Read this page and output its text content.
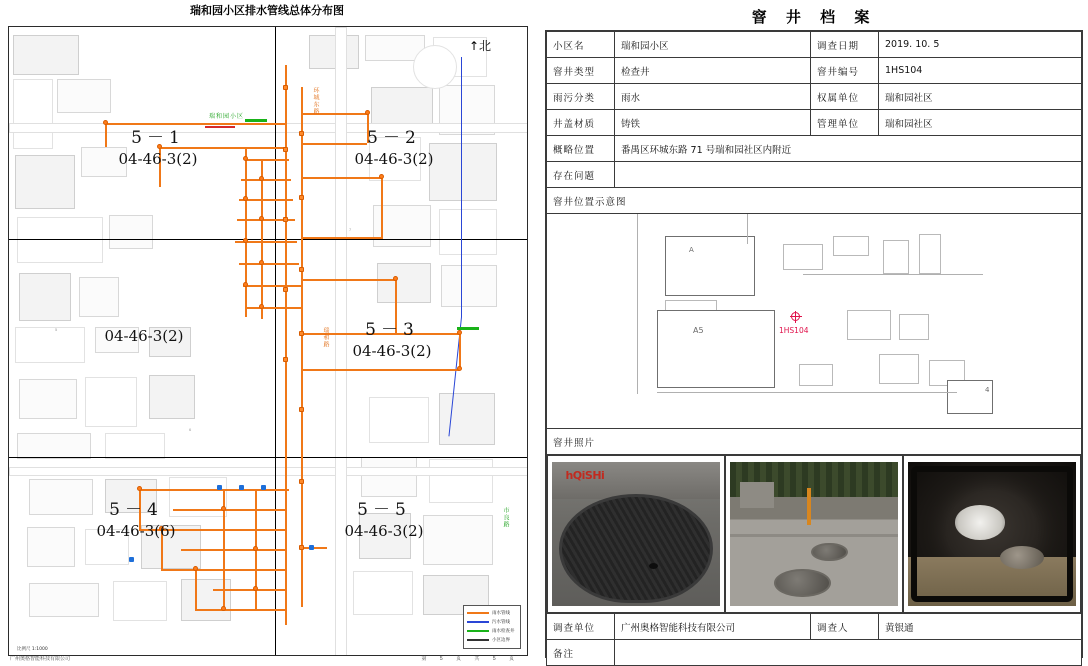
瑞和园小区排水管线总体分布图
环城东路
瑞和路
市良路
瑞和园小区
5
6
7
5－1
04-46-3(2)
5－2
04-46-3(2)
04-46-3(2)	5－3
04-46-3(2)
5－4
04-46-3(6)
5－5
04-46-3(2)
↑北
雨水管线
污水管线
雨水检查井
小区边界
比例尺 1:1000
广州奥格智能科技有限公司	第 5 页 共 5 页
窨 井 档 案
小区名	瑞和园小区	调查日期	2019. 10. 5
窨井类型	检查井	窨井编号	1HS104
雨污分类	雨水	权属单位	瑞和园社区
井盖材质	铸铁	管理单位	瑞和园社区
概略位置	番禺区环城东路 71 号瑞和园社区内附近		
存在问题			
窨井位置示意图			

A
A5
4
1HS104			

窨井照片			

hQiSHi			

调查单位	广州奥格智能科技有限公司	调查人	黄银通
备注			
